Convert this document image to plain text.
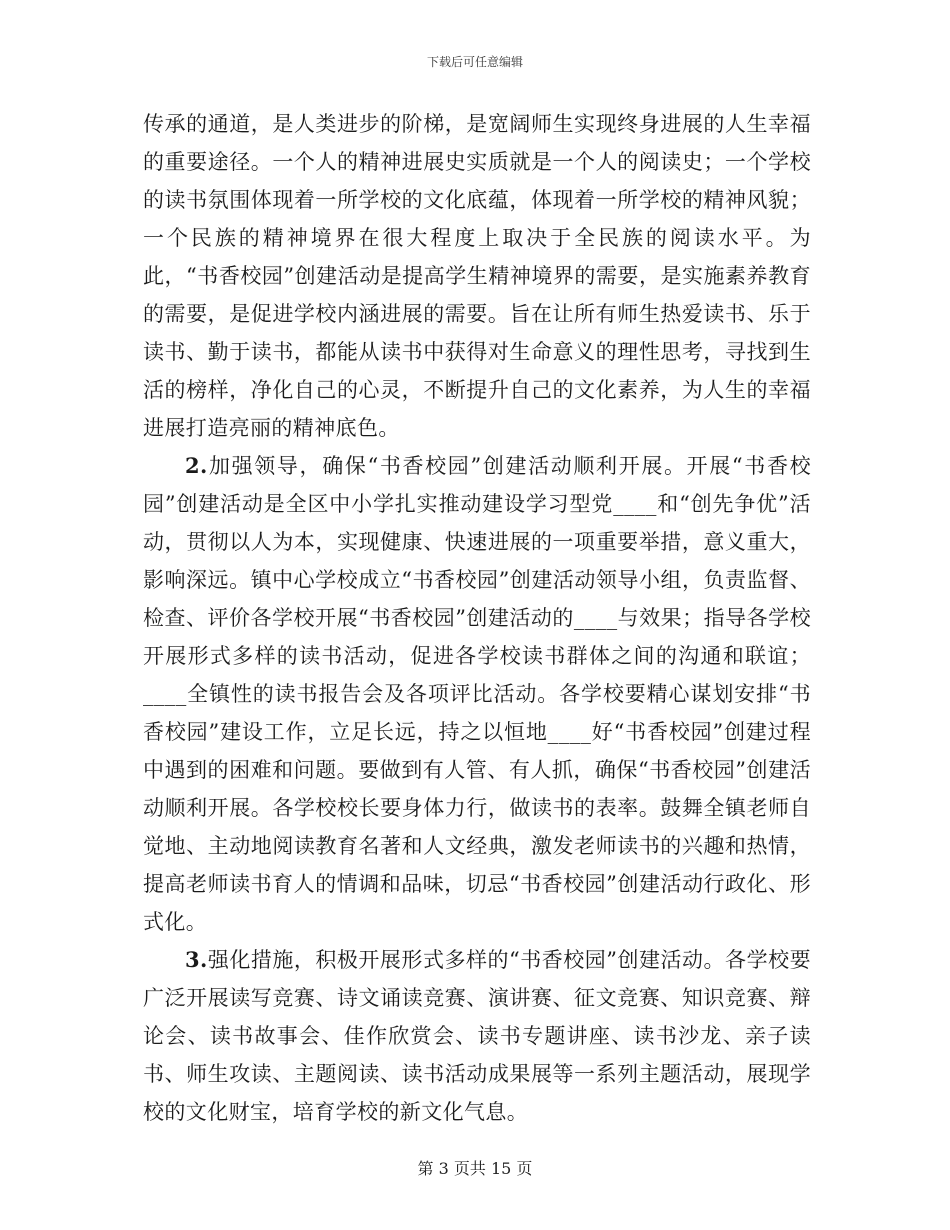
下载后可任意编辑

传承的通道，是人类进步的阶梯，是宽阔师生实现终身进展的人生幸福的重要途径。一个人的精神进展史实质就是一个人的阅读史；一个学校的读书氛围体现着一所学校的文化底蕴，体现着一所学校的精神风貌；一个民族的精神境界在很大程度上取决于全民族的阅读水平。为此，“书香校园”创建活动是提高学生精神境界的需要，是实施素养教育的需要，是促进学校内涵进展的需要。旨在让所有师生热爱读书、乐于读书、勤于读书，都能从读书中获得对生命意义的理性思考，寻找到生活的榜样，净化自己的心灵，不断提升自己的文化素养，为人生的幸福进展打造亮丽的精神底色。

2.加强领导，确保“书香校园”创建活动顺利开展。开展“书香校园”创建活动是全区中小学扎实推动建设学习型党____和“创先争优”活动，贯彻以人为本，实现健康、快速进展的一项重要举措，意义重大，影响深远。镇中心学校成立“书香校园”创建活动领导小组，负责监督、检查、评价各学校开展“书香校园”创建活动的____与效果；指导各学校开展形式多样的读书活动，促进各学校读书群体之间的沟通和联谊；____全镇性的读书报告会及各项评比活动。各学校要精心谋划安排“书香校园”建设工作，立足长远，持之以恒地____好“书香校园”创建过程中遇到的困难和问题。要做到有人管、有人抓，确保“书香校园”创建活动顺利开展。各学校校长要身体力行，做读书的表率。鼓舞全镇老师自觉地、主动地阅读教育名著和人文经典，激发老师读书的兴趣和热情，提高老师读书育人的情调和品味，切忌“书香校园”创建活动行政化、形式化。

3.强化措施，积极开展形式多样的“书香校园”创建活动。各学校要广泛开展读写竞赛、诗文诵读竞赛、演讲赛、征文竞赛、知识竞赛、辩论会、读书故事会、佳作欣赏会、读书专题讲座、读书沙龙、亲子读书、师生攻读、主题阅读、读书活动成果展等一系列主题活动，展现学校的文化财宝，培育学校的新文化气息。

第 3 页共 15 页
